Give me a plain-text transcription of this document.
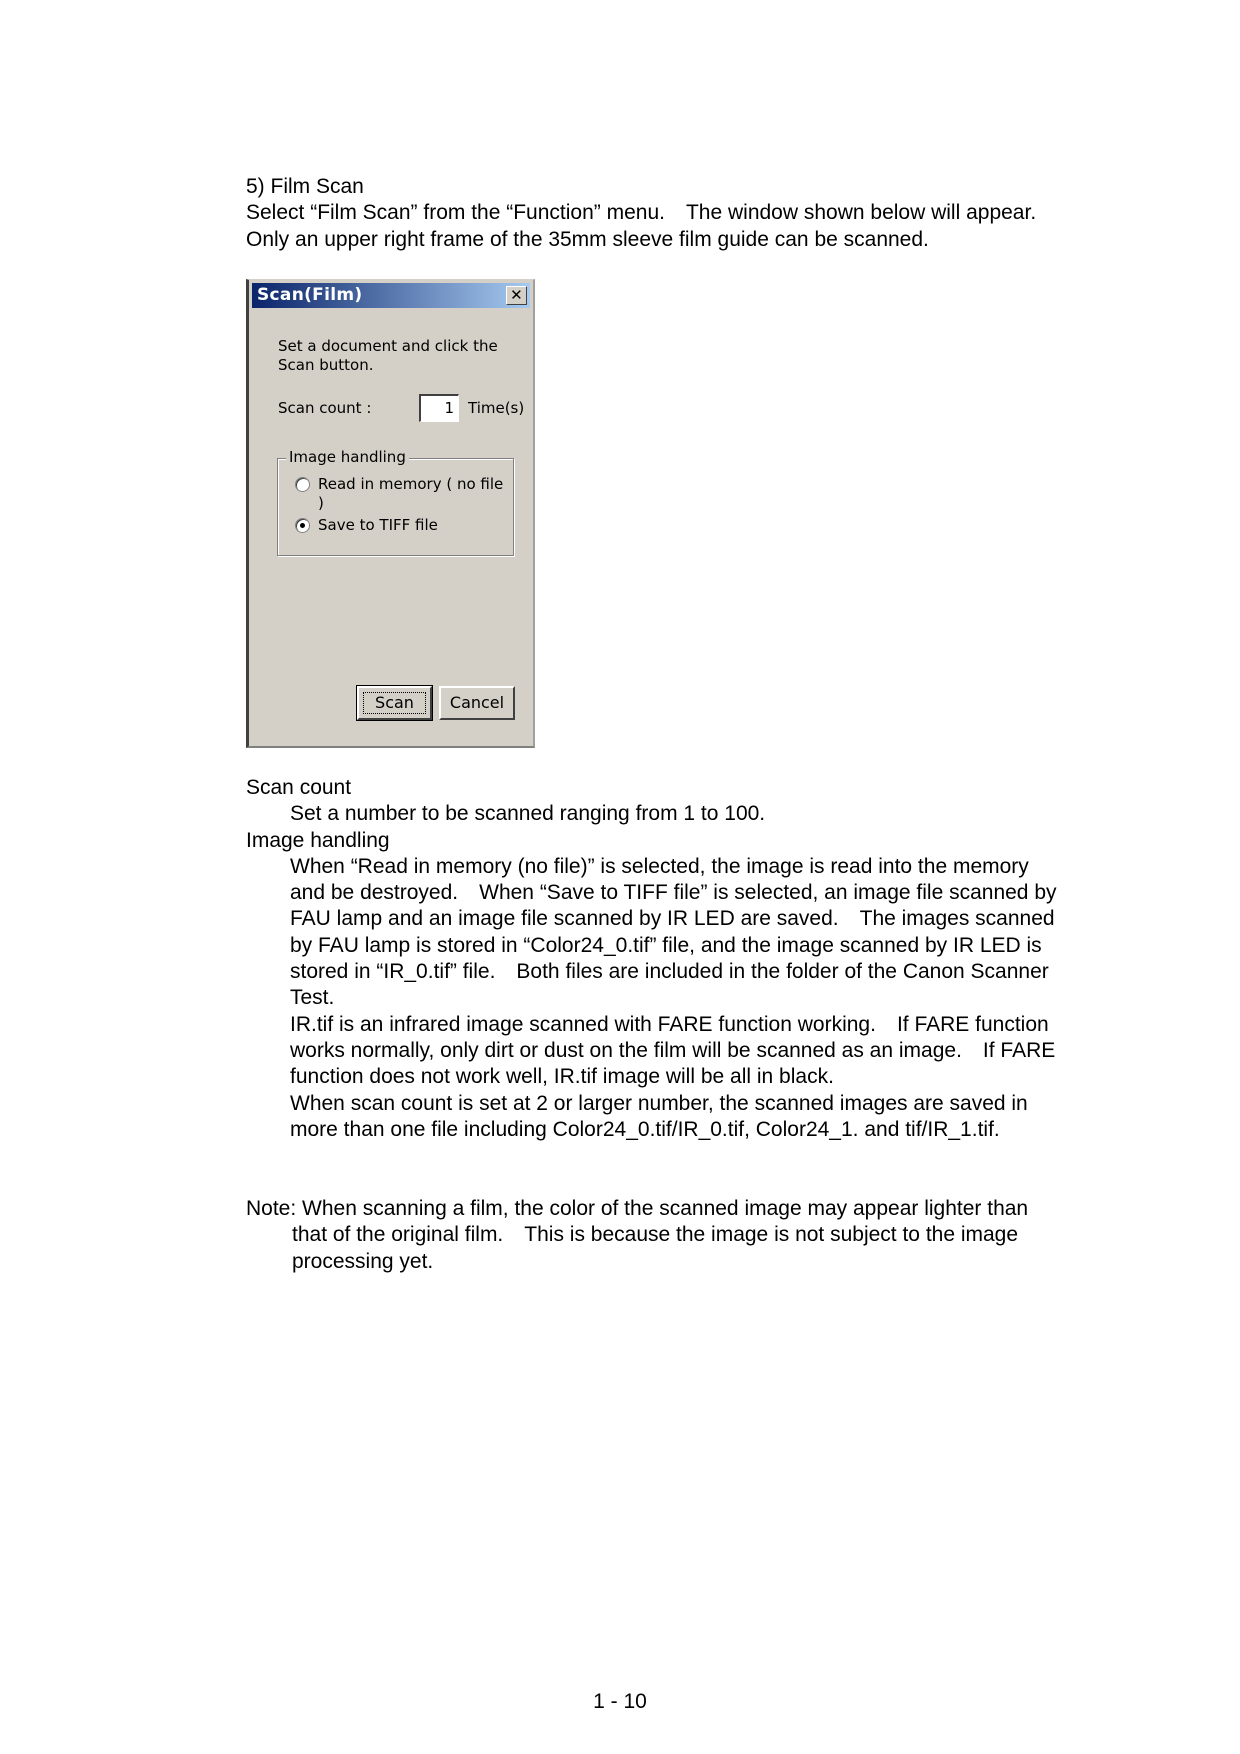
5) Film Scan

Select “Film Scan” from the “Function” menu.　The window shown below will appear.

Only an upper right frame of the 35mm sleeve film guide can be scanned.

Scan(Film)	✕
Set a document and click the
Scan button.
Scan count :	1 Time(s)
Image handling
Read in memory ( no file )
Save to TIFF file
Scan	Cancel

Scan count

Set a number to be scanned ranging from 1 to 100.

Image handling

When “Read in memory (no file)” is selected, the image is read into the memory

and be destroyed.　When “Save to TIFF file” is selected, an image file scanned by

FAU lamp and an image file scanned by IR LED are saved.　The images scanned

by FAU lamp is stored in “Color24_0.tif” file, and the image scanned by IR LED is

stored in “IR_0.tif” file.　Both files are included in the folder of the Canon Scanner

Test.

IR.tif is an infrared image scanned with FARE function working.　If FARE function

works normally, only dirt or dust on the film will be scanned as an image.　If FARE

function does not work well, IR.tif image will be all in black.

When scan count is set at 2 or larger number, the scanned images are saved in

more than one file including Color24_0.tif/IR_0.tif, Color24_1. and tif/IR_1.tif.

Note: When scanning a film, the color of the scanned image may appear lighter than

that of the original film.　This is because the image is not subject to the image

processing yet.

1 - 10
